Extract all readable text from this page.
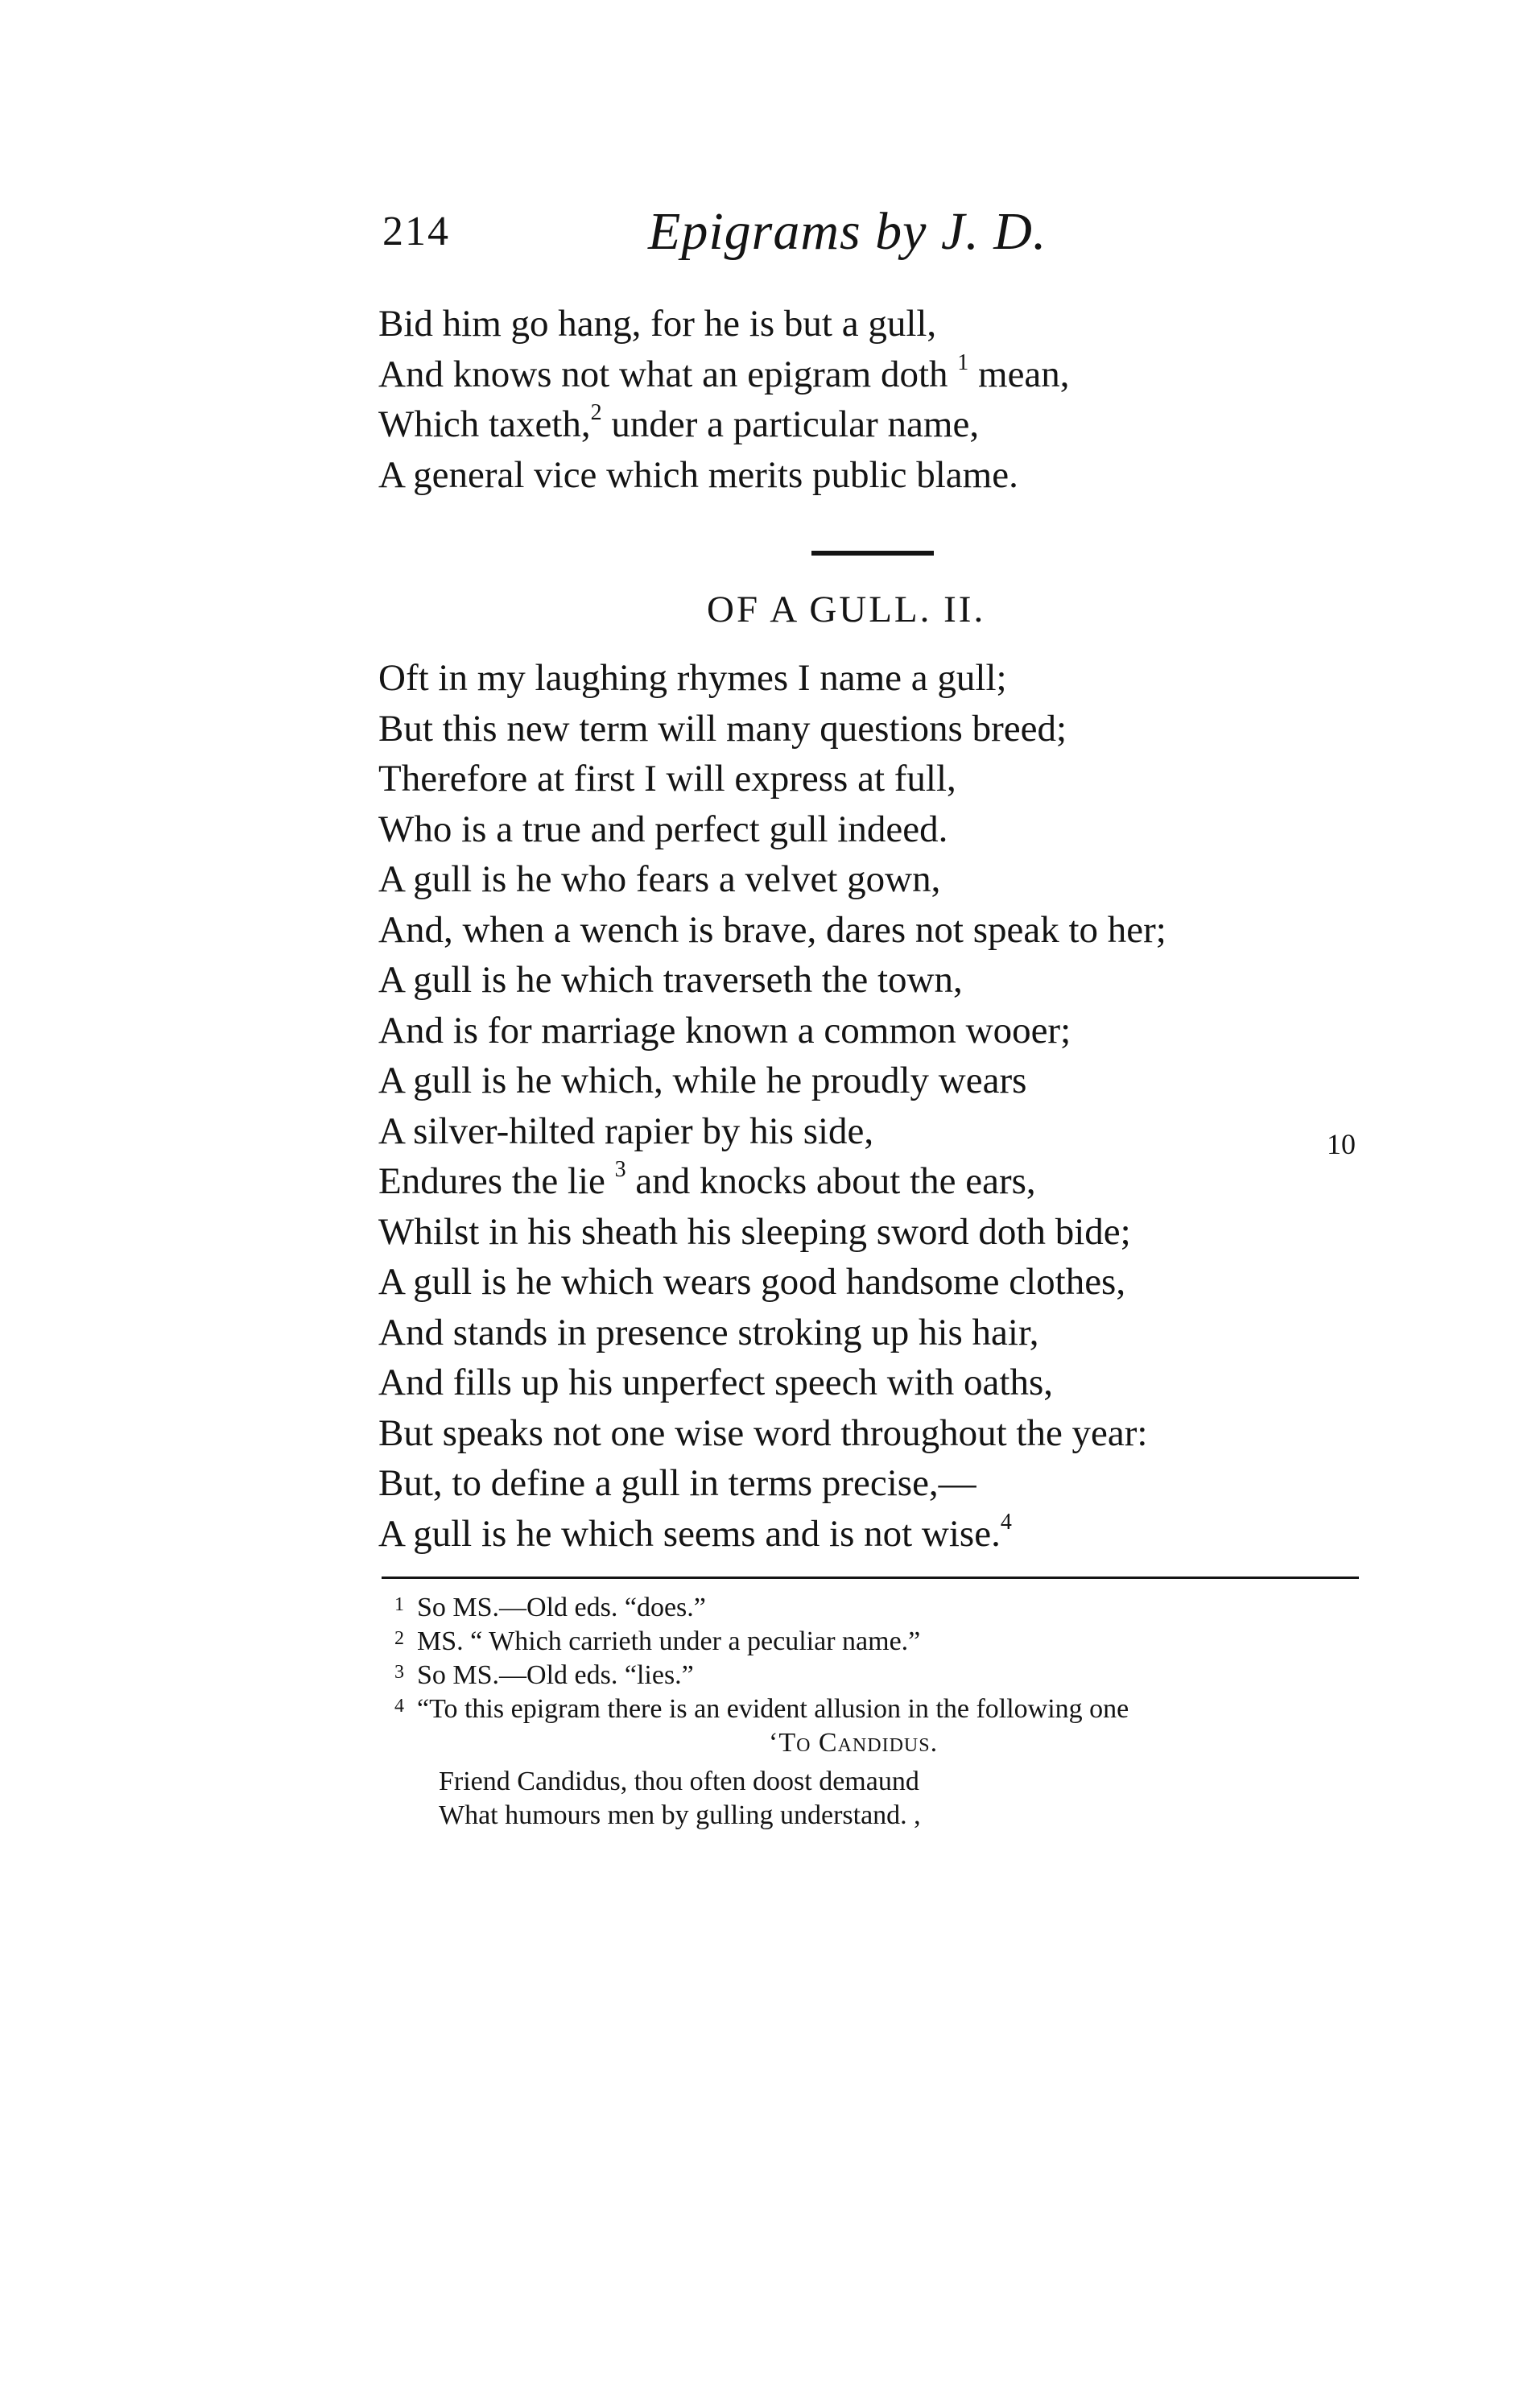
214	Epigrams by J. D.
Bid him go hang, for he is but a gull,
And knows not what an epigram doth $^1$ mean,
Which taxeth,$^2$ under a particular name,
A general vice which merits public blame.
OF A GULL. II.
Oft in my laughing rhymes I name a gull;
But this new term will many questions breed;
Therefore at first I will express at full,
Who is a true and perfect gull indeed.
A gull is he who fears a velvet gown,
And, when a wench is brave, dares not speak to her;
A gull is he which traverseth the town,
And is for marriage known a common wooer;
A gull is he which, while he proudly wears
A silver-hilted rapier by his side,
Endures the lie $^3$ and knocks about the ears,
Whilst in his sheath his sleeping sword doth bide;
A gull is he which wears good handsome clothes,
And stands in presence stroking up his hair,
And fills up his unperfect speech with oaths,
But speaks not one wise word throughout the year:
But, to define a gull in terms precise,—
A gull is he which seems and is not wise.$^4$
10
1 So MS.—Old eds. “does.”
2 MS. “ Which carrieth under a peculiar name.”
3 So MS.—Old eds. “lies.”
4 “To this epigram there is an evident allusion in the following one
‘To Candidus.
Friend Candidus, thou often doost demaund
What humours men by gulling understand. ,
